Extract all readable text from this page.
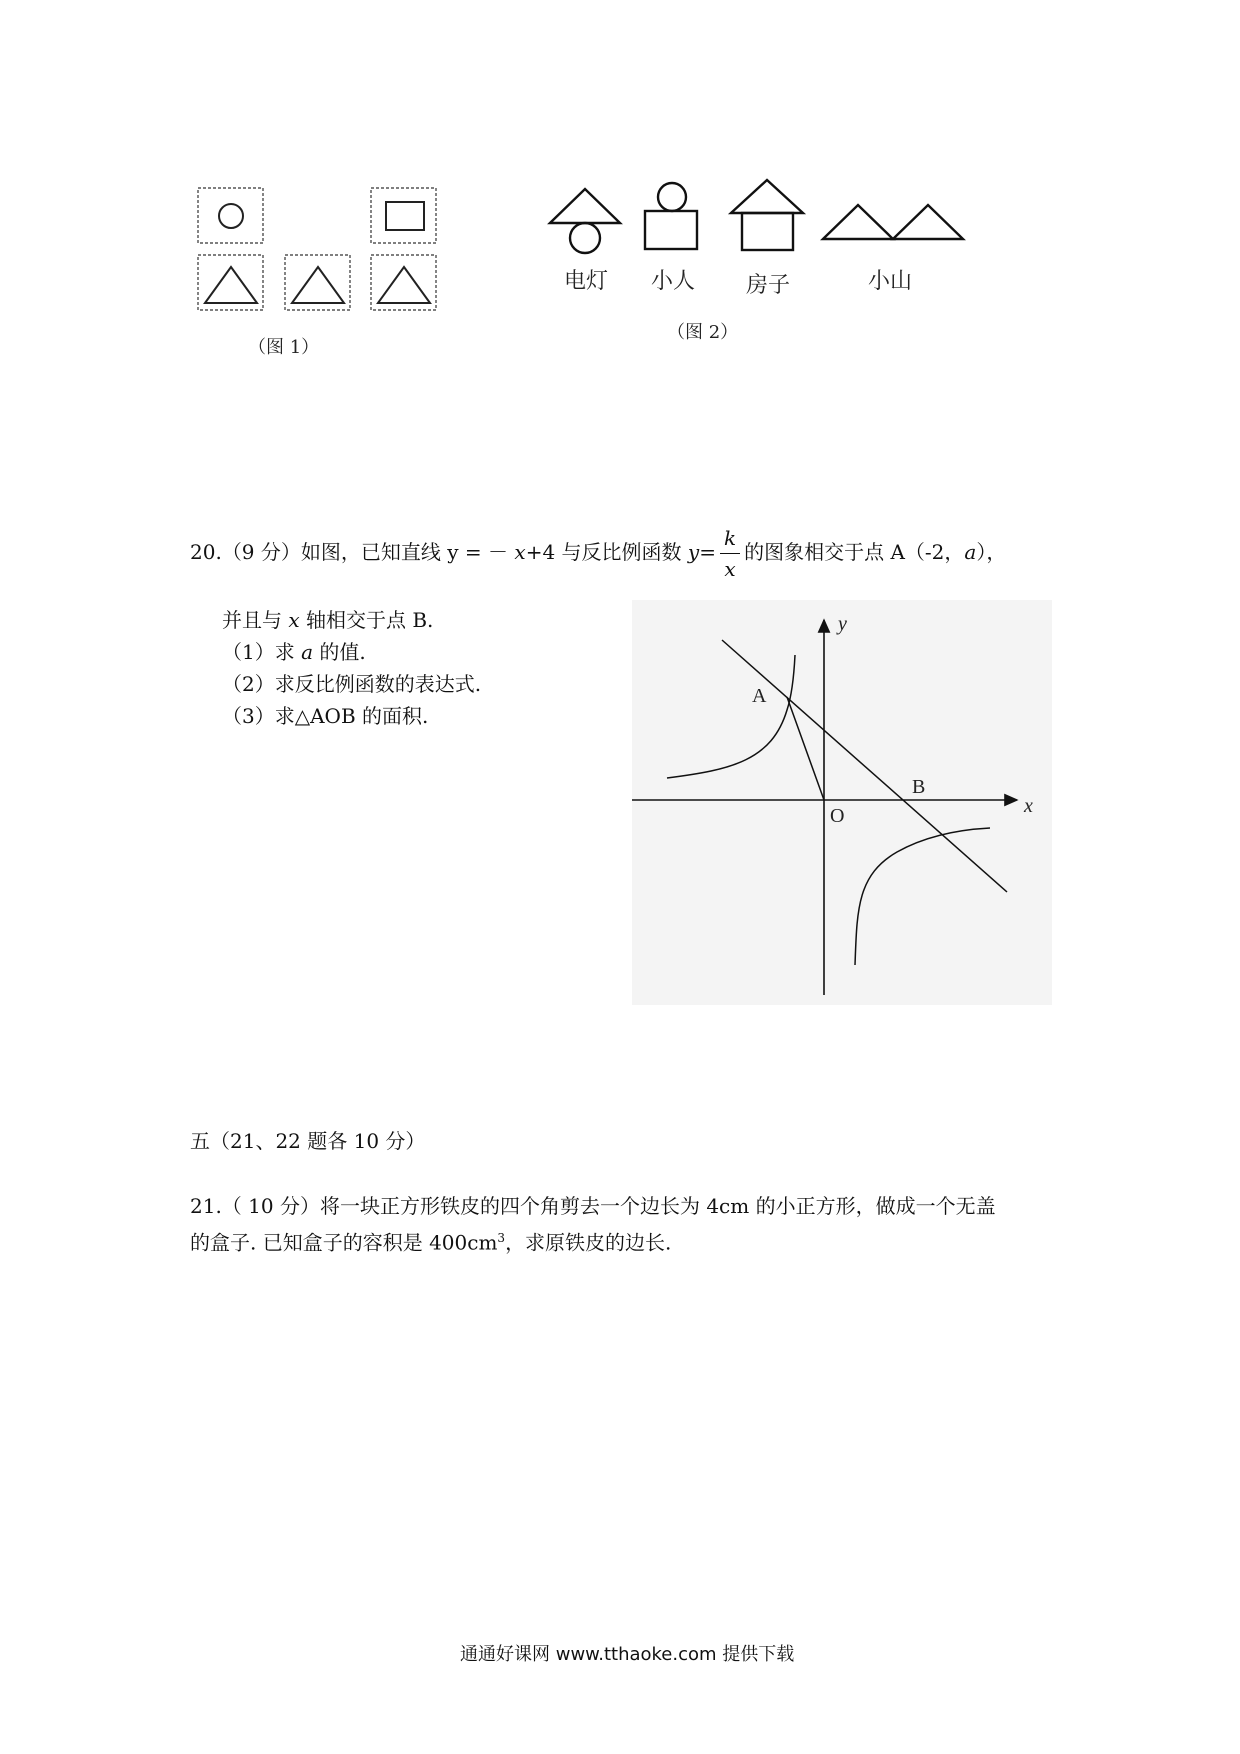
（图 1）
电灯	小人	房子	小山
（图 2）
20.（9 分）如图，已知直线 y = － x+4 与反比例函数 $y= \frac{k}{x}$ 的图象相交于点 A（-2，a），
并且与 x 轴相交于点 B.
（1）求 a 的值.
（2）求反比例函数的表达式.
（3）求△AOB 的面积.
A
B
O	x
y
五（21、22 题各 10 分）
21.（ 10 分）将一块正方形铁皮的四个角剪去一个边长为 4cm 的小正方形，做成一个无盖
的盒子. 已知盒子的容积是 $400cm^3$，求原铁皮的边长.
通通好课网 www.tthaoke.com 提供下载
